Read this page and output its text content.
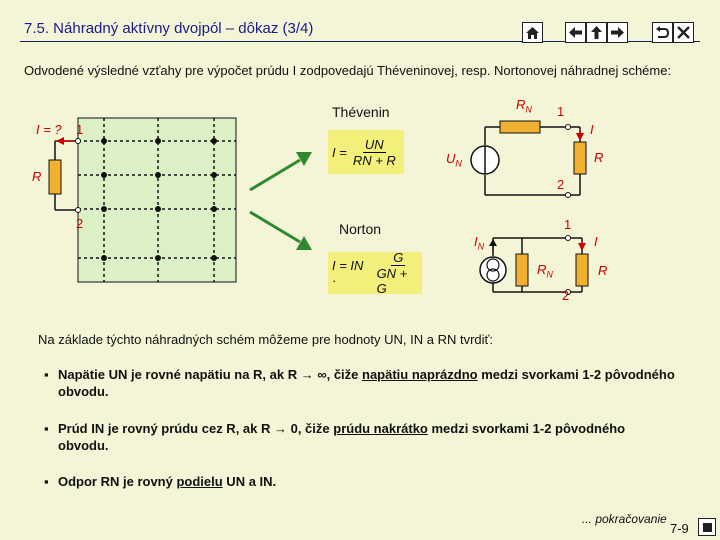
7.5. Náhradný aktívny dvojpól – dôkaz (3/4)
Odvodené výsledné vzťahy pre výpočet prúdu I zodpovedajú Théveninovej, resp. Nortonovej náhradnej schéme:
I = ? 1
2
R
Thévenin
Norton
$R_N$ 1
I
R
$U_N$
2
1
$I_N$	I
$R_N$	R
2
$I = \frac{UN}{RN + R}$
I = IN ·	$\frac{G}{GN + G}$
Na základe týchto náhradných schém môžeme pre hodnoty UN, IN a RN tvrdiť:
▪ Napätie UN je rovné napätiu na R, ak R → ∞, čiže napätiu naprázdno medzi svorkami 1-2 pôvodného obvodu.
▪ Prúd IN je rovný prúdu cez R, ak R → 0, čiže prúdu nakrátko medzi svorkami 1-2 pôvodného obvodu.
▪ Odpor RN je rovný podielu UN a IN.
... pokračovanie
7-9
